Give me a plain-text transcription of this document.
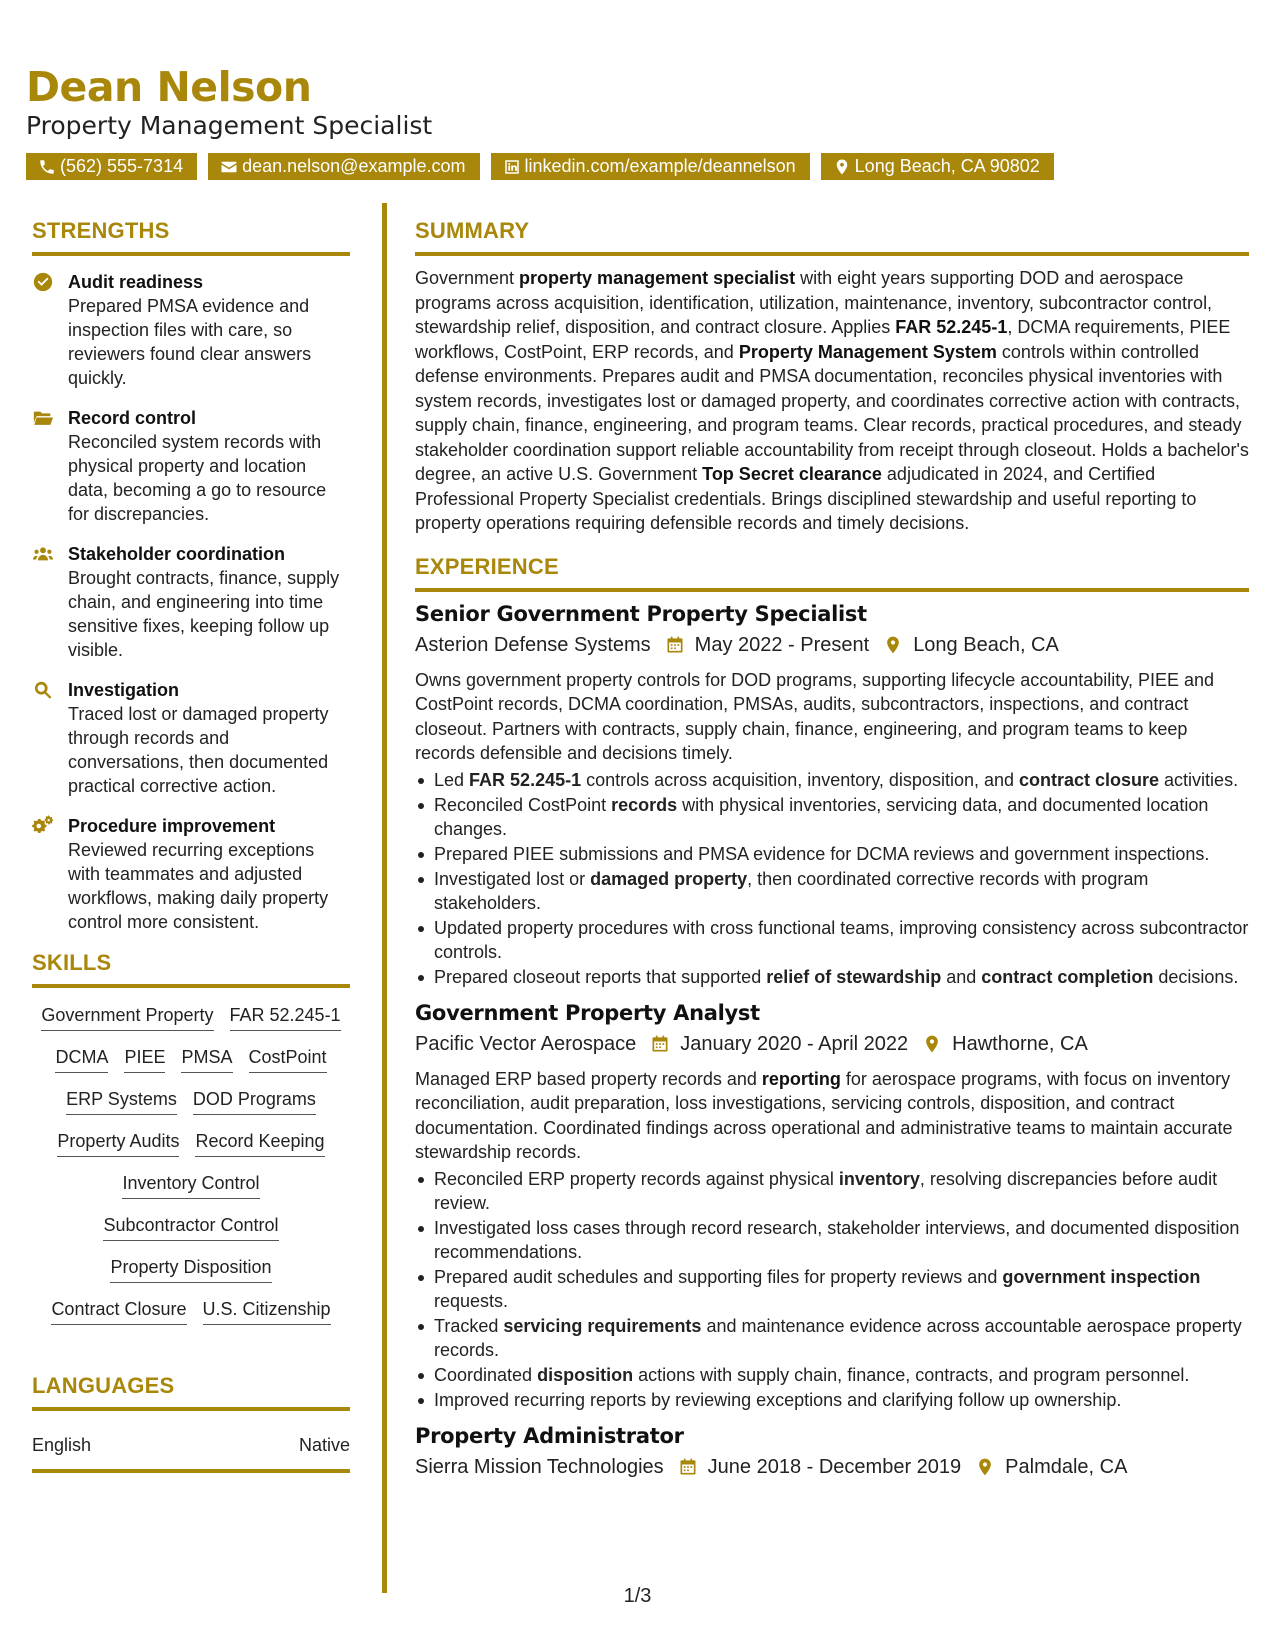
Dean Nelson
Property Management Specialist
(562) 555-7314	dean.nelson@example.com	linkedin.com/example/deannelson	Long Beach, CA 90802
STRENGTHS
Audit readiness
Prepared PMSA evidence and inspection files with care, so reviewers found clear answers quickly.
Record control
Reconciled system records with physical property and location data, becoming a go to resource for discrepancies.
Stakeholder coordination
Brought contracts, finance, supply chain, and engineering into time sensitive fixes, keeping follow up visible.
Investigation
Traced lost or damaged property through records and conversations, then documented practical corrective action.
Procedure improvement
Reviewed recurring exceptions with teammates and adjusted workflows, making daily property control more consistent.
SKILLS
Government Property FAR 52.245-1
DCMA PIEE PMSA CostPoint
ERP Systems DOD Programs
Property Audits Record Keeping
Inventory Control
Subcontractor Control
Property Disposition
Contract Closure U.S. Citizenship
LANGUAGES
English	Native
SUMMARY

Government property management specialist with eight years supporting DOD and aerospace programs across acquisition, identification, utilization, maintenance, inventory, subcontractor control, stewardship relief, disposition, and contract closure. Applies FAR 52.245-1, DCMA requirements, PIEE workflows, CostPoint, ERP records, and Property Management System controls within controlled defense environments. Prepares audit and PMSA documentation, reconciles physical inventories with system records, investigates lost or damaged property, and coordinates corrective action with contracts, supply chain, finance, engineering, and program teams. Clear records, practical procedures, and steady stakeholder coordination support reliable accountability from receipt through closeout. Holds a bachelor's degree, an active U.S. Government Top Secret clearance adjudicated in 2024, and Certified Professional Property Specialist credentials. Brings disciplined stewardship and useful reporting to property operations requiring defensible records and timely decisions.

EXPERIENCE
Senior Government Property Specialist
Asterion Defense Systems May 2022 - Present Long Beach, CA

Owns government property controls for DOD programs, supporting lifecycle accountability, PIEE and CostPoint records, DCMA coordination, PMSAs, audits, subcontractors, inspections, and contract closeout. Partners with contracts, supply chain, finance, engineering, and program teams to keep records defensible and decisions timely.

Led FAR 52.245-1 controls across acquisition, inventory, disposition, and contract closure activities.
Reconciled CostPoint records with physical inventories, servicing data, and documented location changes.
Prepared PIEE submissions and PMSA evidence for DCMA reviews and government inspections.
Investigated lost or damaged property, then coordinated corrective records with program stakeholders.
Updated property procedures with cross functional teams, improving consistency across subcontractor controls.
Prepared closeout reports that supported relief of stewardship and contract completion decisions.
Government Property Analyst
Pacific Vector Aerospace January 2020 - April 2022 Hawthorne, CA

Managed ERP based property records and reporting for aerospace programs, with focus on inventory reconciliation, audit preparation, loss investigations, servicing controls, disposition, and contract documentation. Coordinated findings across operational and administrative teams to maintain accurate stewardship records.

Reconciled ERP property records against physical inventory, resolving discrepancies before audit review.
Investigated loss cases through record research, stakeholder interviews, and documented disposition recommendations.
Prepared audit schedules and supporting files for property reviews and government inspection requests.
Tracked servicing requirements and maintenance evidence across accountable aerospace property records.
Coordinated disposition actions with supply chain, finance, contracts, and program personnel.
Improved recurring reports by reviewing exceptions and clarifying follow up ownership.
Property Administrator
Sierra Mission Technologies June 2018 - December 2019 Palmdale, CA
1/3
